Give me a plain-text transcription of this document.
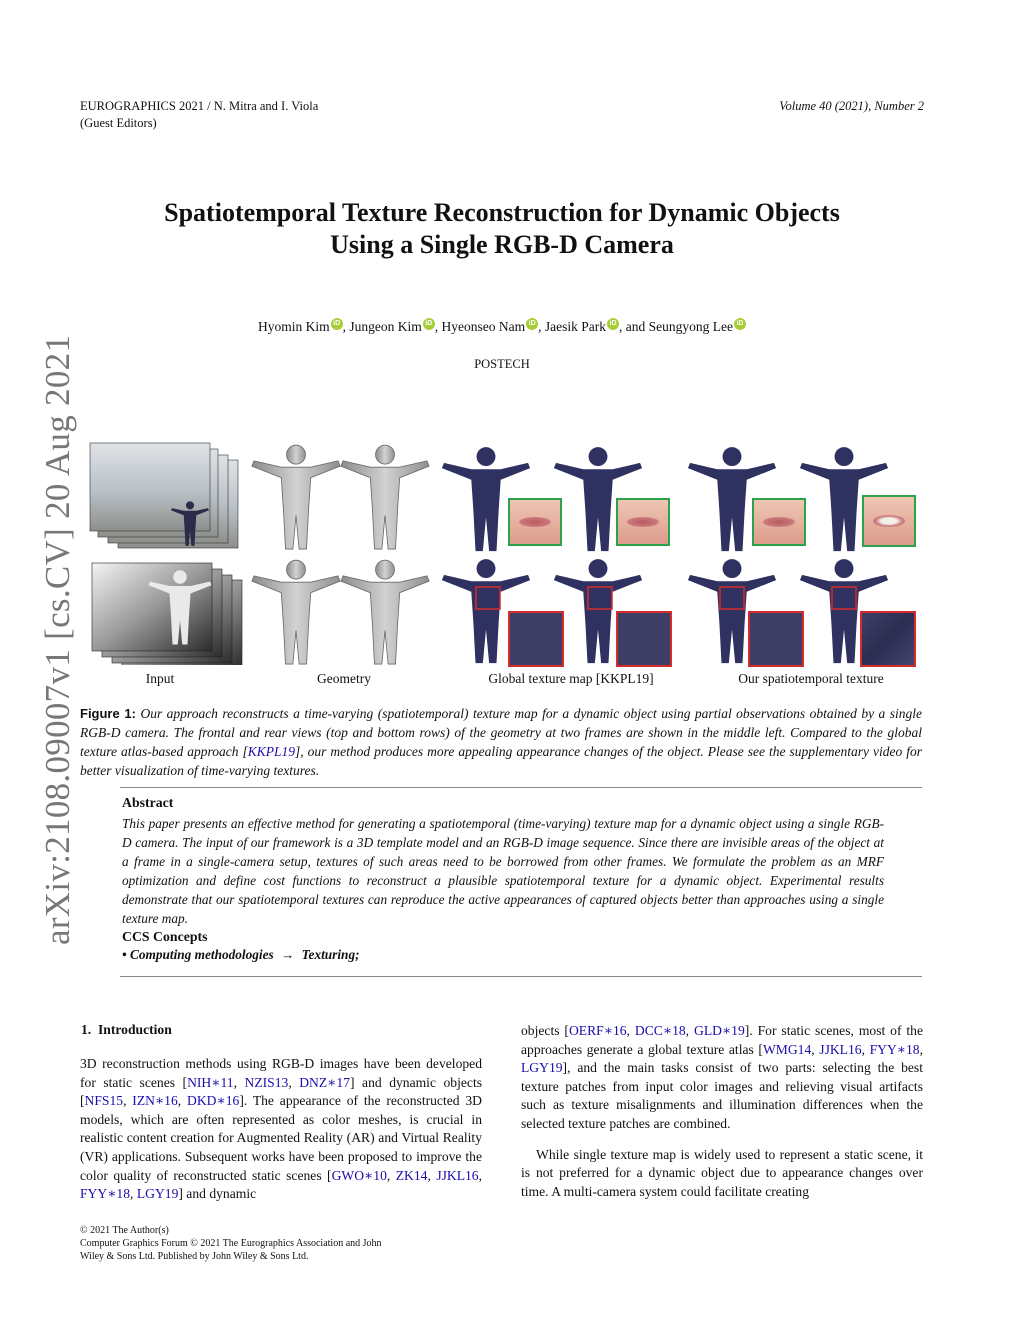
EUROGRAPHICS 2021 / N. Mitra and I. Viola
(Guest Editors)
Volume 40 (2021), Number 2
arXiv:2108.09007v1 [cs.CV] 20 Aug 2021
Spatiotemporal Texture Reconstruction for Dynamic Objects
Using a Single RGB-D Camera
Hyomin Kim iD , Jungeon Kim iD , Hyeonseo Nam iD , Jaesik Park iD , and Seungyong Lee iD
POSTECH
Input	Geometry	Global texture map [KKPL19]	Our spatiotemporal texture
Figure 1: Our approach reconstructs a time-varying (spatiotemporal) texture map for a dynamic object using partial observations obtained by a single RGB-D camera. The frontal and rear views (top and bottom rows) of the geometry at two frames are shown in the middle left. Compared to the global texture atlas-based approach [KKPL19], our method produces more appealing appearance changes of the object. Please see the supplementary video for better visualization of time-varying textures.
Abstract
This paper presents an effective method for generating a spatiotemporal (time-varying) texture map for a dynamic object using a single RGB-D camera. The input of our framework is a 3D template model and an RGB-D image sequence. Since there are invisible areas of the object at a frame in a single-camera setup, textures of such areas need to be borrowed from other frames. We formulate the problem as an MRF optimization and define cost functions to reconstruct a plausible spatiotemporal texture for a dynamic object. Experimental results demonstrate that our spatiotemporal textures can reproduce the active appearances of captured objects better than approaches using a single texture map.
CCS Concepts
• Computing methodologies → Texturing;
1.  Introduction

3D reconstruction methods using RGB-D images have been developed for static scenes [NIH∗11, NZIS13, DNZ∗17] and dynamic objects [NFS15, IZN∗16, DKD∗16]. The appearance of the reconstructed 3D models, which are often represented as color meshes, is crucial in realistic content creation for Augmented Reality (AR) and Virtual Reality (VR) applications. Subsequent works have been proposed to improve the color quality of reconstructed static scenes [GWO∗10, ZK14, JJKL16, FYY∗18, LGY19] and dynamic

objects [OERF∗16, DCC∗18, GLD∗19]. For static scenes, most of the approaches generate a global texture atlas [WMG14, JJKL16, FYY∗18, LGY19], and the main tasks consist of two parts: selecting the best texture patches from input color images and relieving visual artifacts such as texture misalignments and illumination differences when the selected texture patches are combined.

While single texture map is widely used to represent a static scene, it is not preferred for a dynamic object due to appearance changes over time. A multi-camera system could facilitate creating

© 2021 The Author(s)
Computer Graphics Forum © 2021 The Eurographics Association and John
Wiley & Sons Ltd. Published by John Wiley & Sons Ltd.
